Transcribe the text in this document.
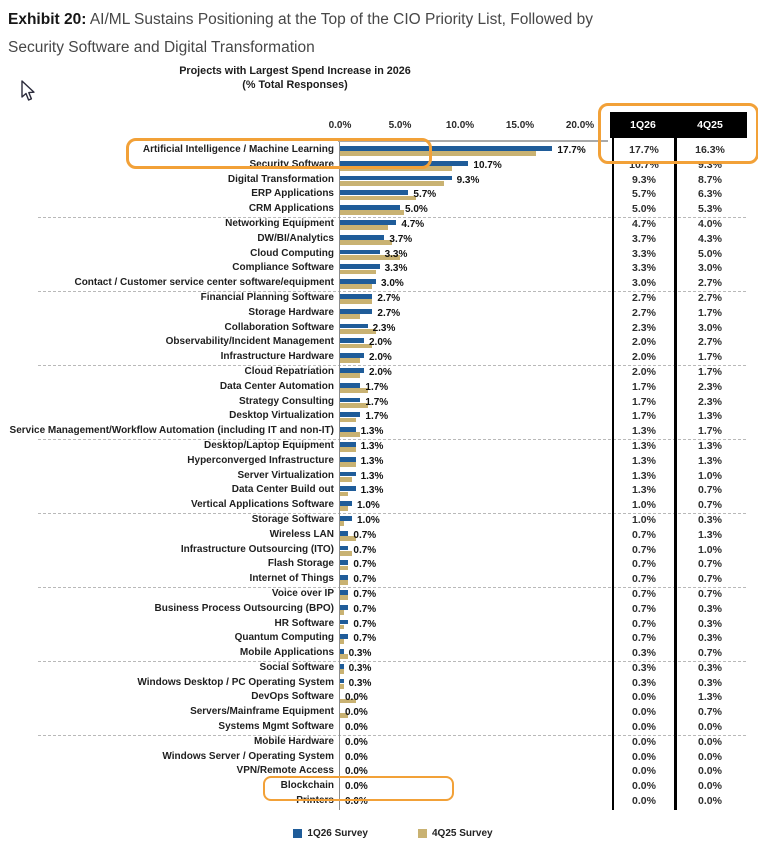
Exhibit 20: AI/ML Sustains Positioning at the Top of the CIO Priority List, Followed by
Security Software and Digital Transformation
Projects with Largest Spend Increase in 2026
(% Total Responses)
0.0%	5.0%	10.0%	15.0%	20.0%	1Q26	4Q25
Artificial Intelligence / Machine Learning	17.7%	17.7%	16.3%
Security Software	10.7%	10.7%	9.3%
Digital Transformation	9.3%	9.3%	8.7%
ERP Applications	5.7%	5.7%	6.3%
CRM Applications	5.0%	5.0%	5.3%
Networking Equipment	4.7%	4.7%	4.0%
DW/BI/Analytics	3.7%	3.7%	4.3%
Cloud Computing	3.3%	3.3%	5.0%
Compliance Software	3.3%	3.3%	3.0%
Contact / Customer service center software/equipment	3.0%	3.0%	2.7%
Financial Planning Software	2.7%	2.7%	2.7%
Storage Hardware	2.7%	2.7%	1.7%
Collaboration Software	2.3%	2.3%	3.0%
Observability/Incident Management	2.0%	2.0%	2.7%
Infrastructure Hardware	2.0%	2.0%	1.7%
Cloud Repatriation	2.0%	2.0%	1.7%
Data Center Automation	1.7%	1.7%	2.3%
Strategy Consulting	1.7%	1.7%	2.3%
Desktop Virtualization	1.7%	1.7%	1.3%
Service Management/Workflow Automation (including IT and non-IT)	1.3%	1.3%	1.7%
Desktop/Laptop Equipment	1.3%	1.3%	1.3%
Hyperconverged Infrastructure	1.3%	1.3%	1.3%
Server Virtualization	1.3%	1.3%	1.0%
Data Center Build out	1.3%	1.3%	0.7%
Vertical Applications Software 1.0%	1.0%	0.7%
Storage Software 1.0%	1.0%	0.3%
Wireless LAN 0.7%	0.7%	1.3%
Infrastructure Outsourcing (ITO) 0.7%	0.7%	1.0%
Flash Storage 0.7%	0.7%	0.7%
Internet of Things 0.7%	0.7%	0.7%
Voice over IP 0.7%	0.7%	0.7%
Business Process Outsourcing (BPO) 0.7%	0.7%	0.3%
HR Software 0.7%	0.7%	0.3%
Quantum Computing 0.7%	0.7%	0.3%
Mobile Applications 0.3%	0.3%	0.7%
Social Software 0.3%	0.3%	0.3%
Windows Desktop / PC Operating System 0.3%	0.3%	0.3%
DevOps Software 0.0%	0.0%	1.3%
Servers/Mainframe Equipment 0.0%	0.0%	0.7%
Systems Mgmt Software 0.0%	0.0%	0.0%
Mobile Hardware 0.0%	0.0%	0.0%
Windows Server / Operating System 0.0%	0.0%	0.0%
VPN/Remote Access 0.0%	0.0%	0.0%
Blockchain 0.0%	0.0%	0.0%
Printers 0.0%	0.0%	0.0%
1Q26 Survey	4Q25 Survey
